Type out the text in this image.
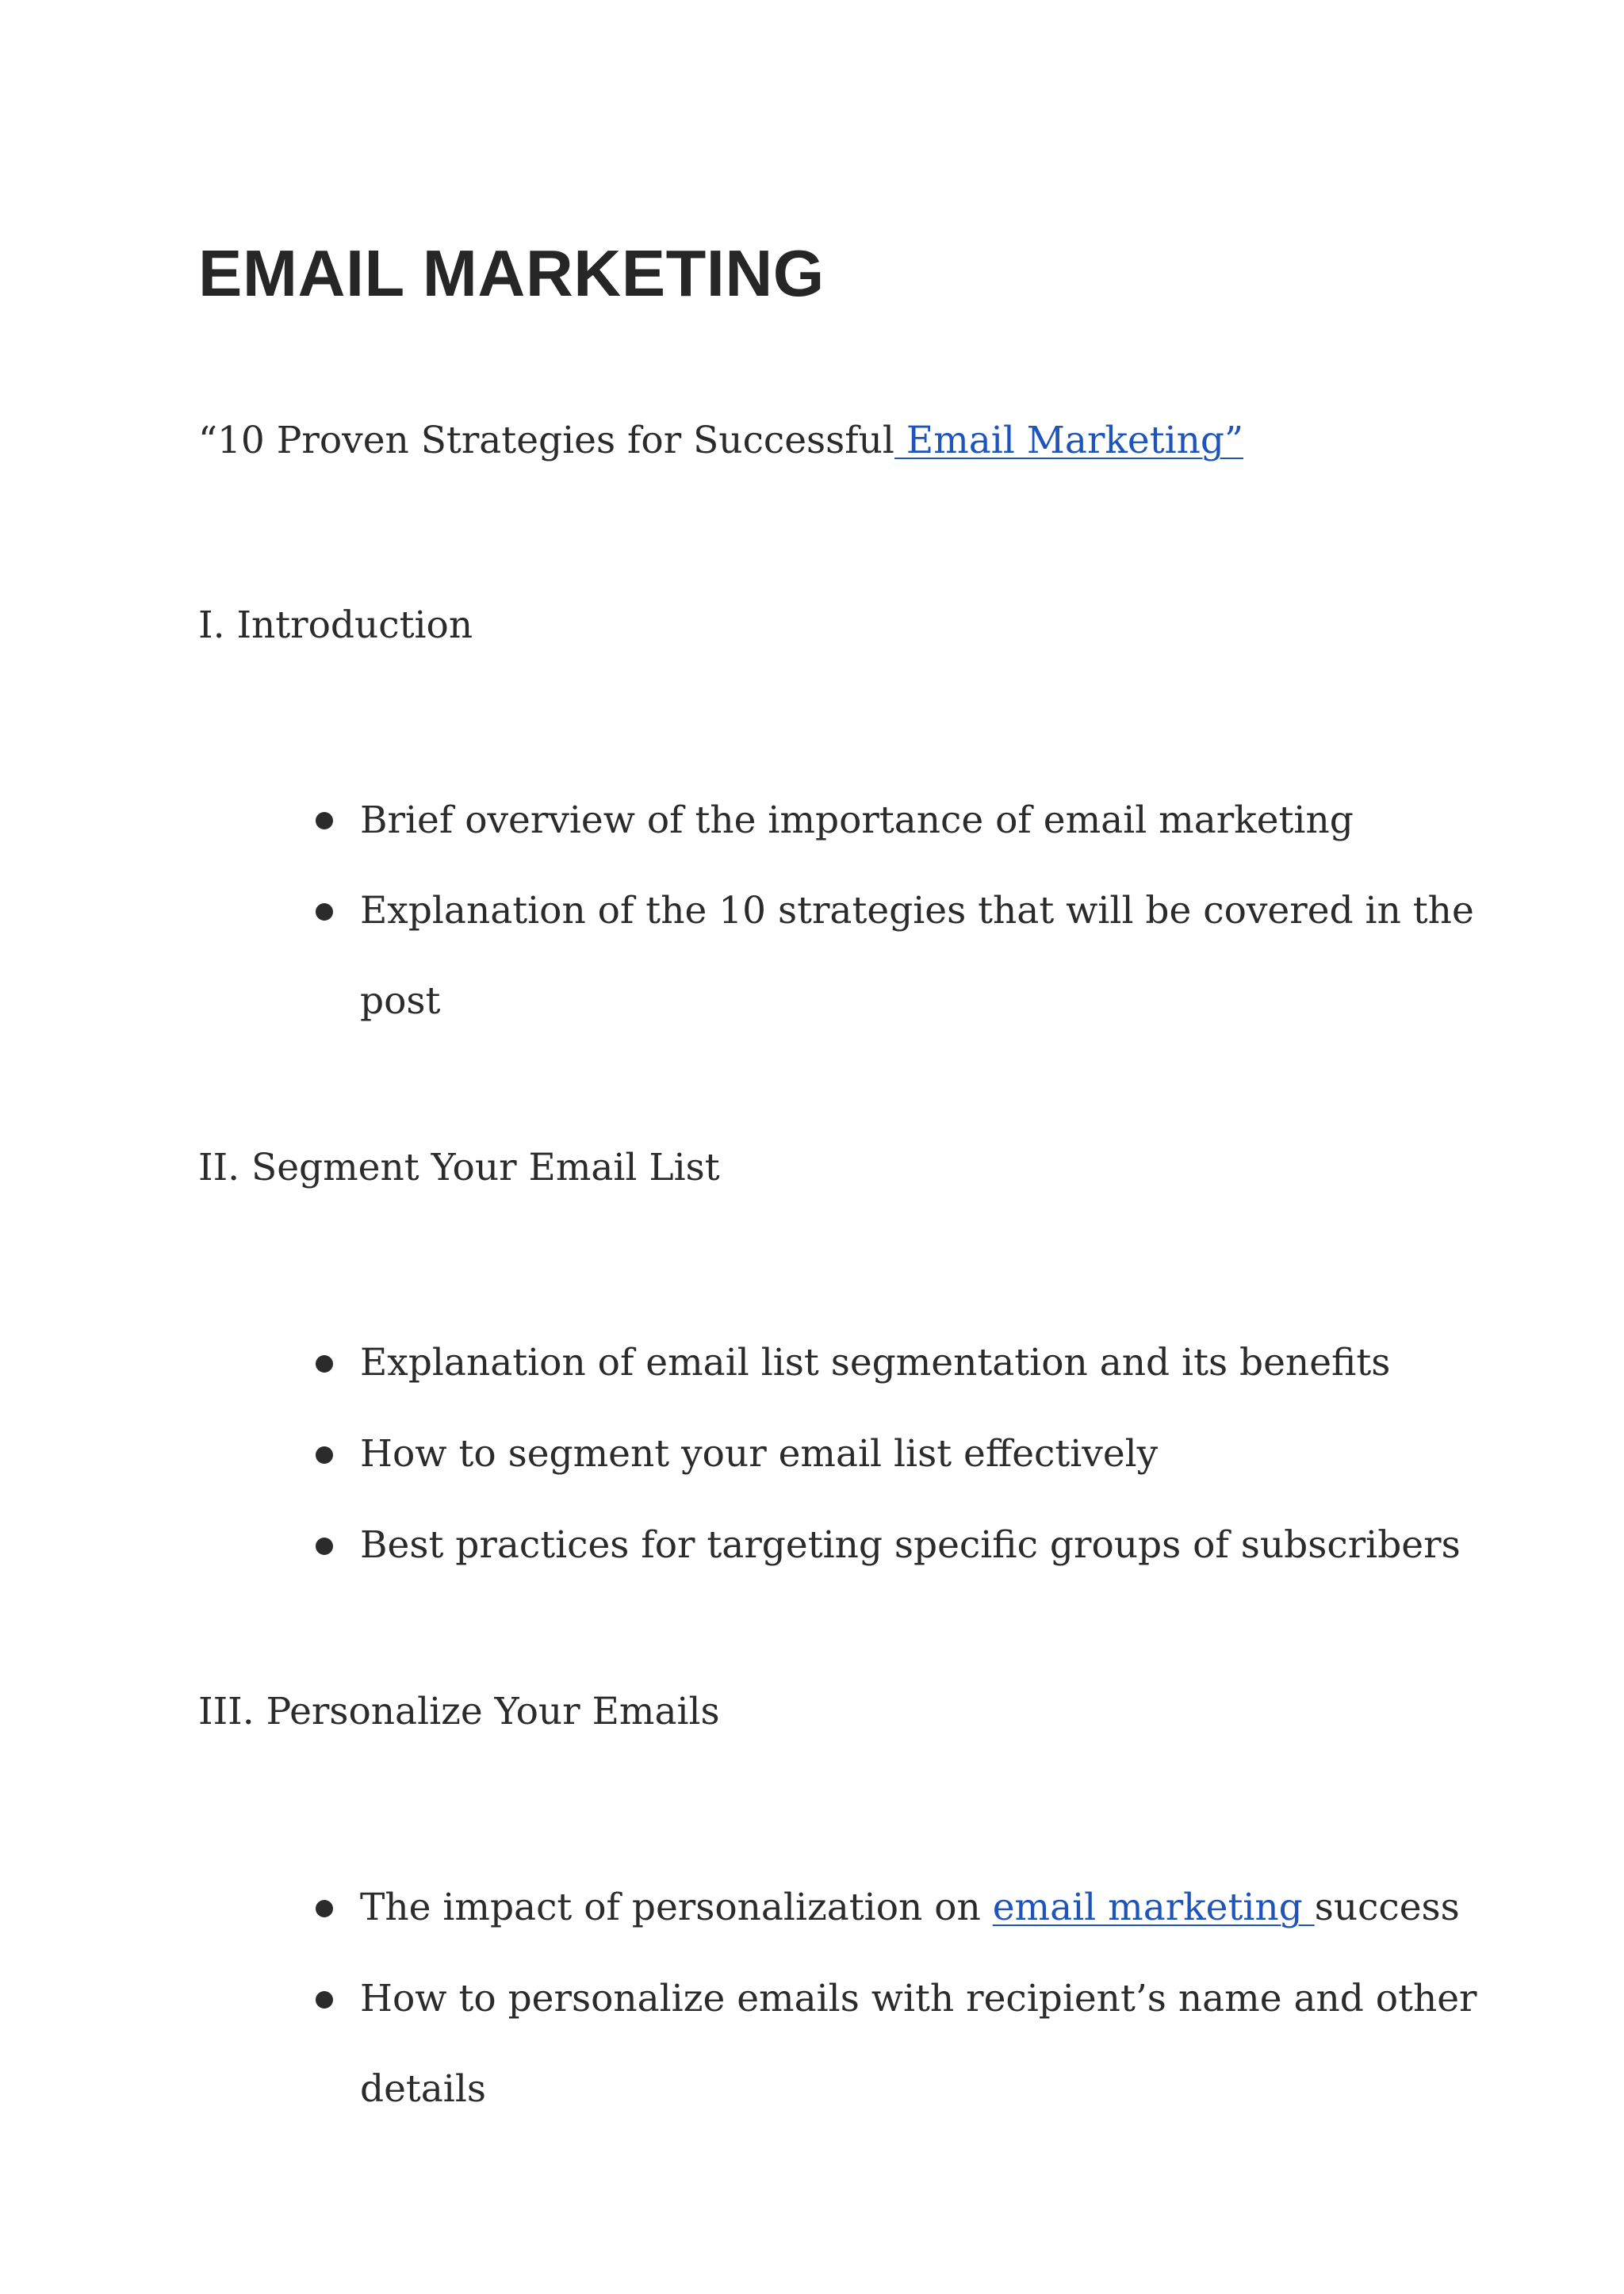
EMAIL MARKETING
“10 Proven Strategies for Successful Email Marketing”
I. Introduction
Brief overview of the importance of email marketing
Explanation of the 10 strategies that will be covered in the
post
II. Segment Your Email List
Explanation of email list segmentation and its benefits
How to segment your email list effectively
Best practices for targeting specific groups of subscribers
III. Personalize Your Emails
The impact of personalization on email marketing success
How to personalize emails with recipient’s name and other
details
